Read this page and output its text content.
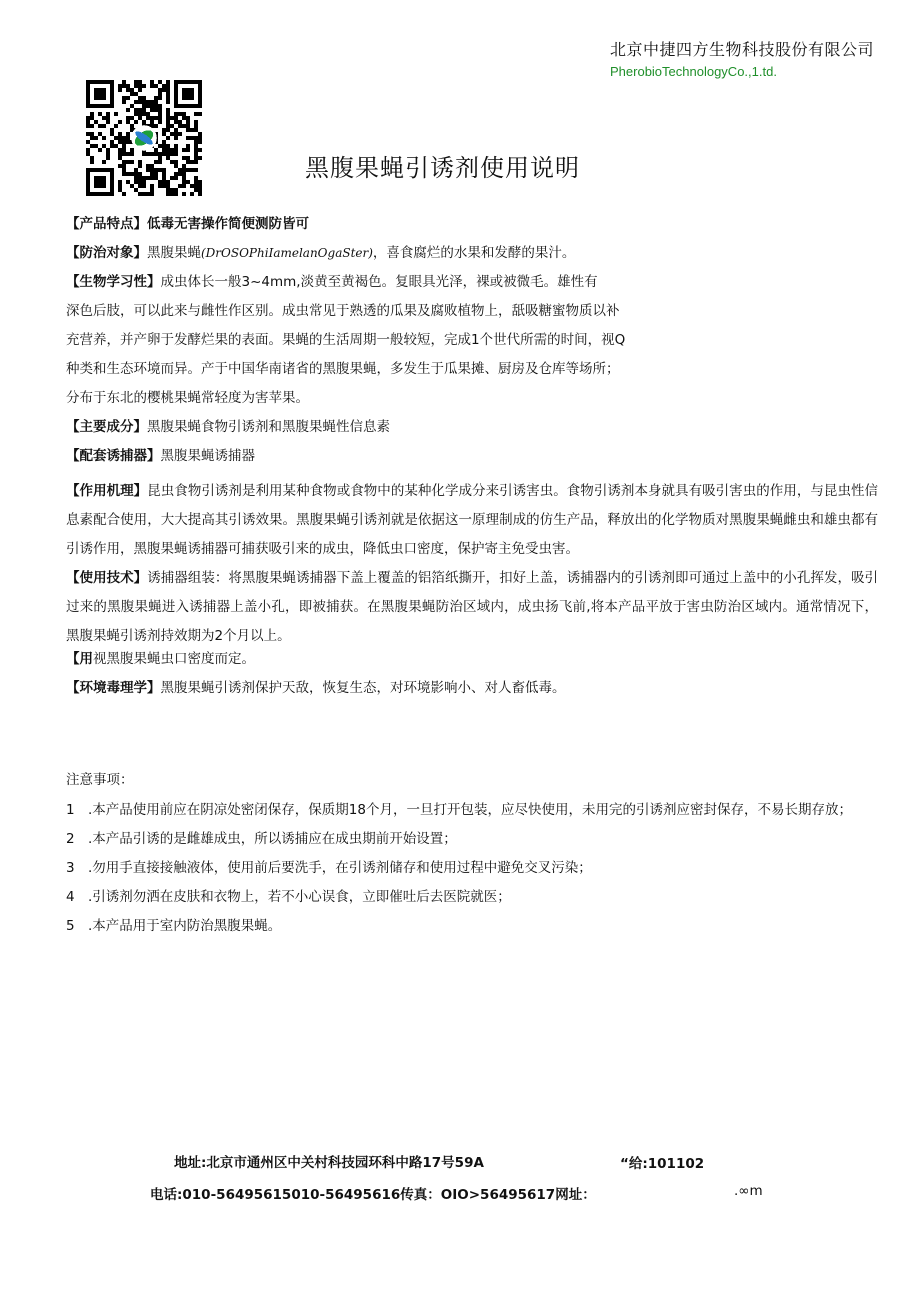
北京中捷四方生物科技股份有限公司
PherobioTechnologyCo.,1.td.
黑腹果蝇引诱剂使用说明
【产品特点】低毒无害操作简便测防皆可
【防治对象】黑腹果蝇(DrOSOPhiIamelanOgaSter)，喜食腐烂的水果和发酵的果汁。
【生物学习性】成虫体长一般3~4mm,淡黄至黄褐色。复眼具光泽，裸或被微毛。雄性有
深色后肢，可以此来与雌性作区别。成虫常见于熟透的瓜果及腐败植物上，舐吸糖蜜物质以补
充营养，并产卵于发酵烂果的表面。果蝇的生活周期一般较短，完成1个世代所需的时间，视Q
种类和生态环境而异。产于中国华南诸省的黑腹果蝇，多发生于瓜果摊、厨房及仓库等场所；
分布于东北的樱桃果蝇常轻度为害苹果。
【主要成分】黑腹果蝇食物引诱剂和黑腹果蝇性信息素
【配套诱捕器】黑腹果蝇诱捕器
【作用机理】昆虫食物引诱剂是利用某种食物或食物中的某种化学成分来引诱害虫。食物引诱剂本身就具有吸引害虫的作用，与昆虫性信息素配合使用，大大提高其引诱效果。黑腹果蝇引诱剂就是依据这一原理制成的仿生产品，释放出的化学物质对黑腹果蝇雌虫和雄虫都有引诱作用，黑腹果蝇诱捕器可捕获吸引来的成虫，降低虫口密度，保护寄主免受虫害。
【使用技术】诱捕器组装：将黑腹果蝇诱捕器下盖上覆盖的铝箔纸撕开，扣好上盖，诱捕器内的引诱剂即可通过上盖中的小孔挥发，吸引过来的黑腹果蝇进入诱捕器上盖小孔，即被捕获。在黑腹果蝇防治区域内，成虫扬飞前,将本产品平放于害虫防治区域内。通常情况下，黑腹果蝇引诱剂持效期为2个月以上。
【用视黑腹果蝇虫口密度而定。
【环境毒理学】黑腹果蝇引诱剂保护天敌，恢复生态，对环境影响小、对人畜低毒。
注意事项：
1 .本产品使用前应在阴凉处密闭保存，保质期18个月，一旦打开包装，应尽快使用，未用完的引诱剂应密封保存，不易长期存放；
2 .本产品引诱的是雌雄成虫，所以诱捕应在成虫期前开始设置；
3 .勿用手直接接触液体，使用前后要洗手，在引诱剂储存和使用过程中避免交叉污染；
4 .引诱剂勿洒在皮肤和衣物上，若不小心误食，立即催吐后去医院就医；
5 .本产品用于室内防治黑腹果蝇。
地址:北京市通州区中关村科技园环科中路17号59A	“给:101102
电话:010-56495615010-56495616传真：OIO>56495617网址：	.∞m
